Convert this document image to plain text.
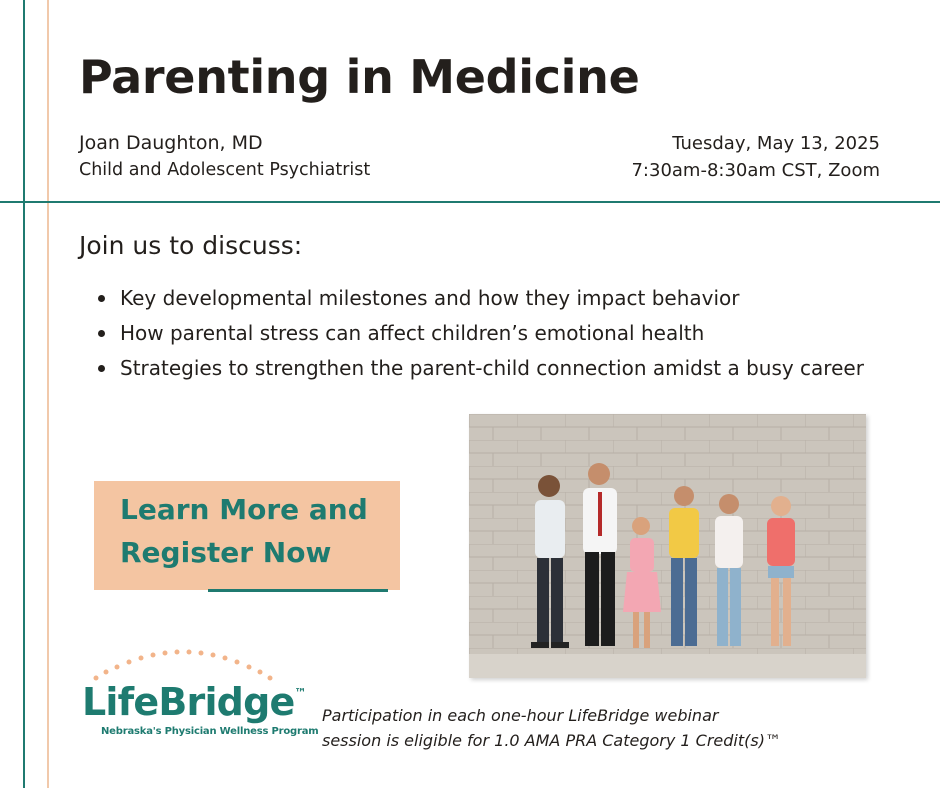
Parenting in Medicine
Joan Daughton, MD
Child and Adolescent Psychiatrist
Tuesday, May 13, 2025
7:30am-8:30am CST, Zoom
Join us to discuss:
Key developmental milestones and how they impact behavior
How parental stress can affect children’s emotional health
Strategies to strengthen the parent-child connection amidst a busy career
Learn More and
Register Now
LifeBridge™
Nebraska's Physician Wellness Program
Participation in each one-hour LifeBridge webinar
session is eligible for 1.0 AMA PRA Category 1 Credit(s)™
